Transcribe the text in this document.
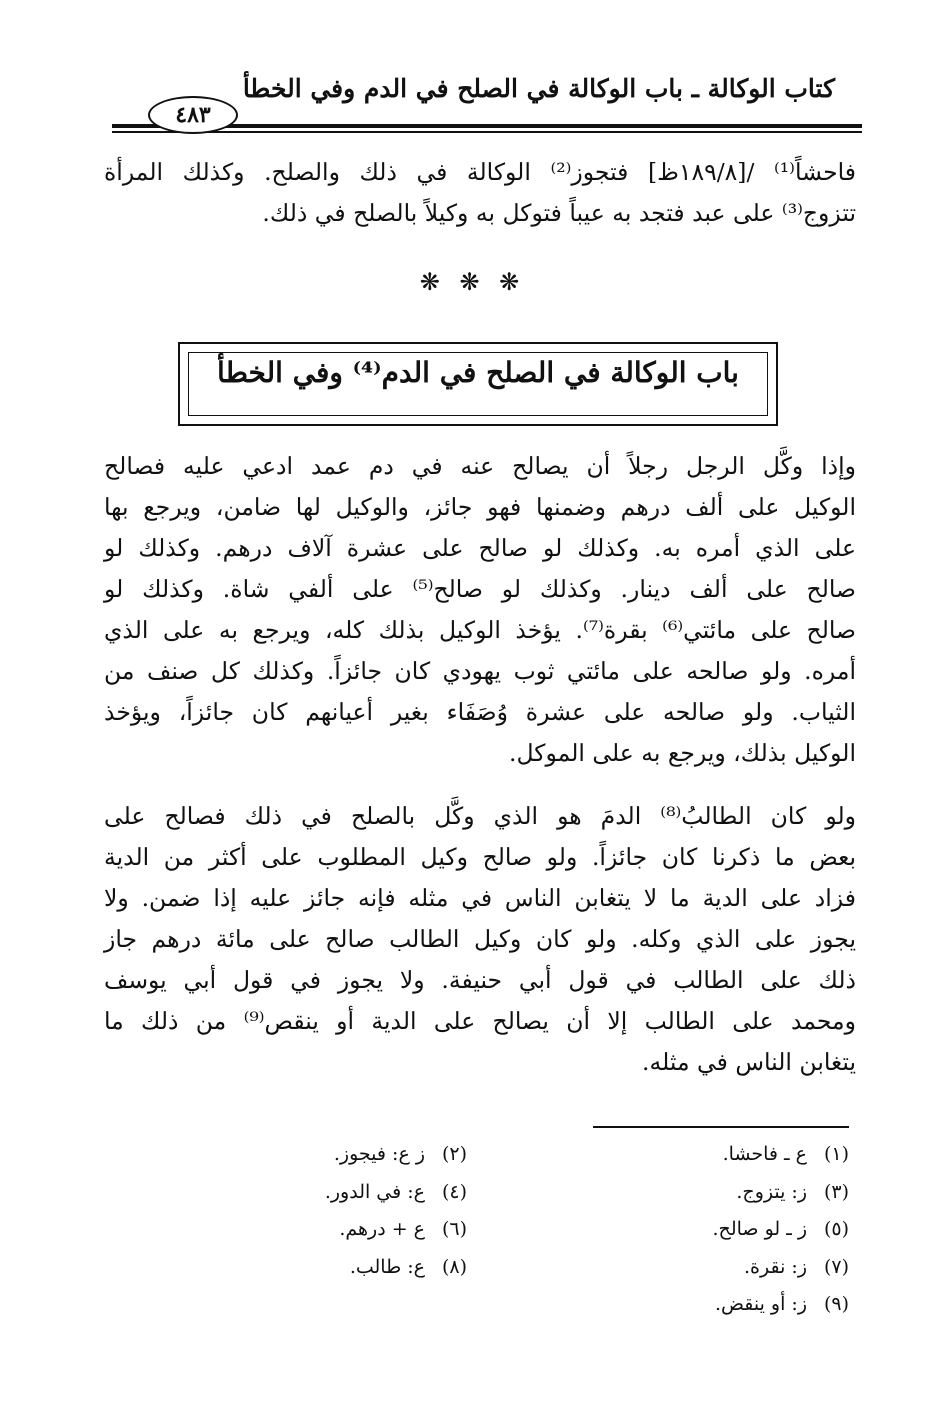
كتاب الوكالة ـ باب الوكالة في الصلح في الدم وفي الخطأ
٤٨٣
فاحشاً⁽¹⁾ /[١٨٩/٨ظ] فتجوز⁽²⁾ الوكالة في ذلك والصلح. وكذلك المرأة
تتزوج⁽³⁾ على عبد فتجد به عيباً فتوكل به وكيلاً بالصلح في ذلك.
❋ ❋ ❋
باب الوكالة في الصلح في الدم⁽⁴⁾ وفي الخطأ
وإذا وكَّل الرجل رجلاً أن يصالح عنه في دم عمد ادعي عليه فصالح
الوكيل على ألف درهم وضمنها فهو جائز، والوكيل لها ضامن، ويرجع بها
على الذي أمره به. وكذلك لو صالح على عشرة آلاف درهم. وكذلك لو
صالح على ألف دينار. وكذلك لو صالح⁽⁵⁾ على ألفي شاة. وكذلك لو
صالح على مائتي⁽⁶⁾ بقرة⁽⁷⁾. يؤخذ الوكيل بذلك كله، ويرجع به على الذي
أمره. ولو صالحه على مائتي ثوب يهودي كان جائزاً. وكذلك كل صنف من
الثياب. ولو صالحه على عشرة وُصَفَاء بغير أعيانهم كان جائزاً، ويؤخذ
الوكيل بذلك، ويرجع به على الموكل.
ولو كان الطالبُ⁽⁸⁾ الدمَ هو الذي وكَّل بالصلح في ذلك فصالح على
بعض ما ذكرنا كان جائزاً. ولو صالح وكيل المطلوب على أكثر من الدية
فزاد على الدية ما لا يتغابن الناس في مثله فإنه جائز عليه إذا ضمن. ولا
يجوز على الذي وكله. ولو كان وكيل الطالب صالح على مائة درهم جاز
ذلك على الطالب في قول أبي حنيفة. ولا يجوز في قول أبي يوسف
ومحمد على الطالب إلا أن يصالح على الدية أو ينقص⁽⁹⁾ من ذلك ما
يتغابن الناس في مثله.
(١)ع ـ فاحشا.
(٣)ز: يتزوج.
(٥)ز ـ لو صالح.
(٧)ز: نقرة.
(٩)ز: أو ينقض.
(٢)ز ع: فيجوز.
(٤)ع: في الدور.
(٦)ع + درهم.
(٨)ع: طالب.
